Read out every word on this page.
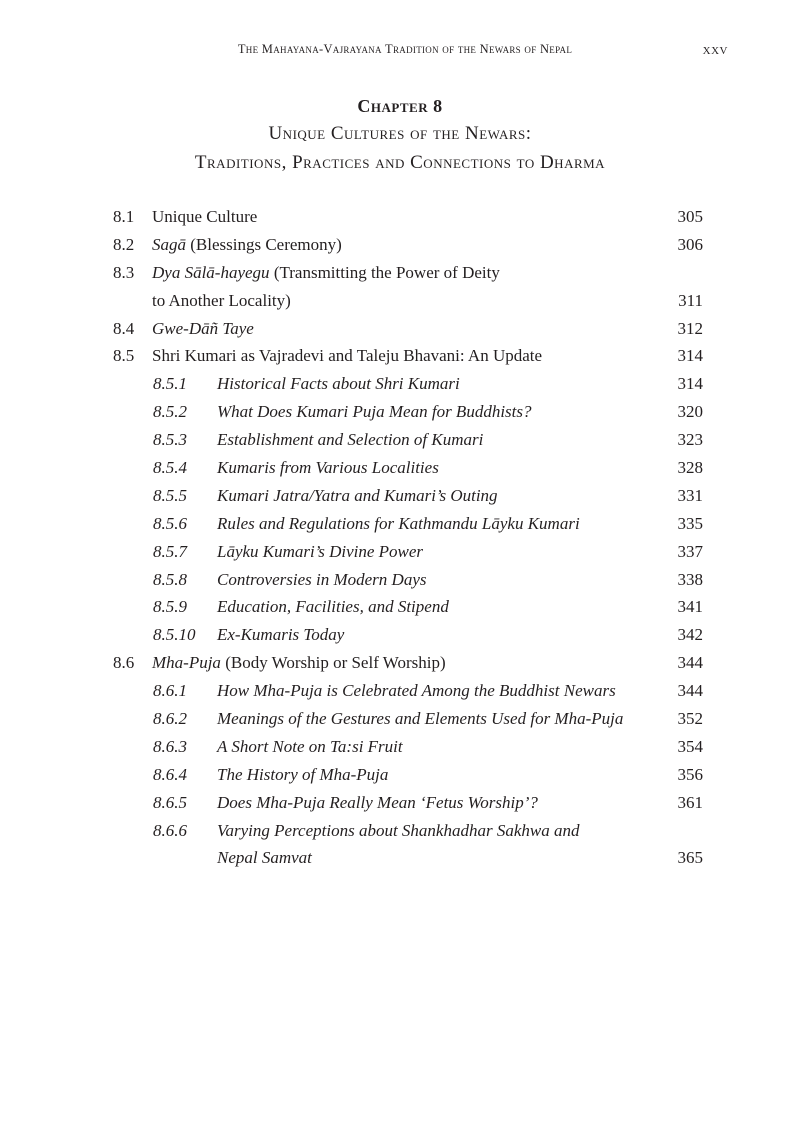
The Mahayana-Vajrayana Tradition of the Newars of Nepal	xxv
Chapter 8
Unique Cultures of the Newars:
Traditions, Practices and Connections to Dharma
8.1 Unique Culture	305
8.2 Sagā (Blessings Ceremony)	306
8.3 Dya Sālā-hayegu (Transmitting the Power of Deity
to Another Locality)	311
8.4 Gwe-Dāñ Taye	312
8.5 Shri Kumari as Vajradevi and Taleju Bhavani: An Update	314
8.5.1 Historical Facts about Shri Kumari	314
8.5.2 What Does Kumari Puja Mean for Buddhists?	320
8.5.3 Establishment and Selection of Kumari	323
8.5.4 Kumaris from Various Localities	328
8.5.5 Kumari Jatra/Yatra and Kumari’s Outing	331
8.5.6 Rules and Regulations for Kathmandu Lāyku Kumari	335
8.5.7 Lāyku Kumari’s Divine Power	337
8.5.8 Controversies in Modern Days	338
8.5.9 Education, Facilities, and Stipend	341
8.5.10 Ex-Kumaris Today	342
8.6 Mha-Puja (Body Worship or Self Worship)	344
8.6.1 How Mha-Puja is Celebrated Among the Buddhist Newars	344
8.6.2 Meanings of the Gestures and Elements Used for Mha-Puja	352
8.6.3 A Short Note on Ta:si Fruit	354
8.6.4 The History of Mha-Puja	356
8.6.5 Does Mha-Puja Really Mean ‘Fetus Worship’?	361
8.6.6 Varying Perceptions about Shankhadhar Sakhwa and
Nepal Samvat	365
